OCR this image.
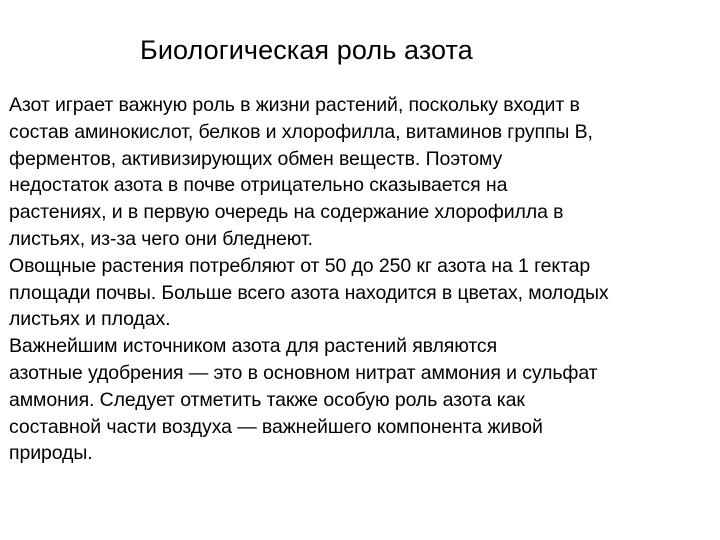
Биологическая роль азота
Азот играет важную роль в жизни растений, поскольку входит в
состав аминокислот, белков и хлорофилла, витаминов группы В,
ферментов, активизирующих обмен веществ. Поэтому
недостаток азота в почве отрицательно сказывается на
растениях, и в первую очередь на содержание хлорофилла в
листьях, из-за чего они бледнеют.
Овощные растения потребляют от 50 до 250 кг азота на 1 гектар
площади почвы. Больше всего азота находится в цветах, молодых
листьях и плодах.
Важнейшим источником азота для растений являются
азотные удобрения — это в основном нитрат аммония и сульфат
аммония. Следует отметить также особую роль азота как
составной части воздуха — важнейшего компонента живой
природы.
